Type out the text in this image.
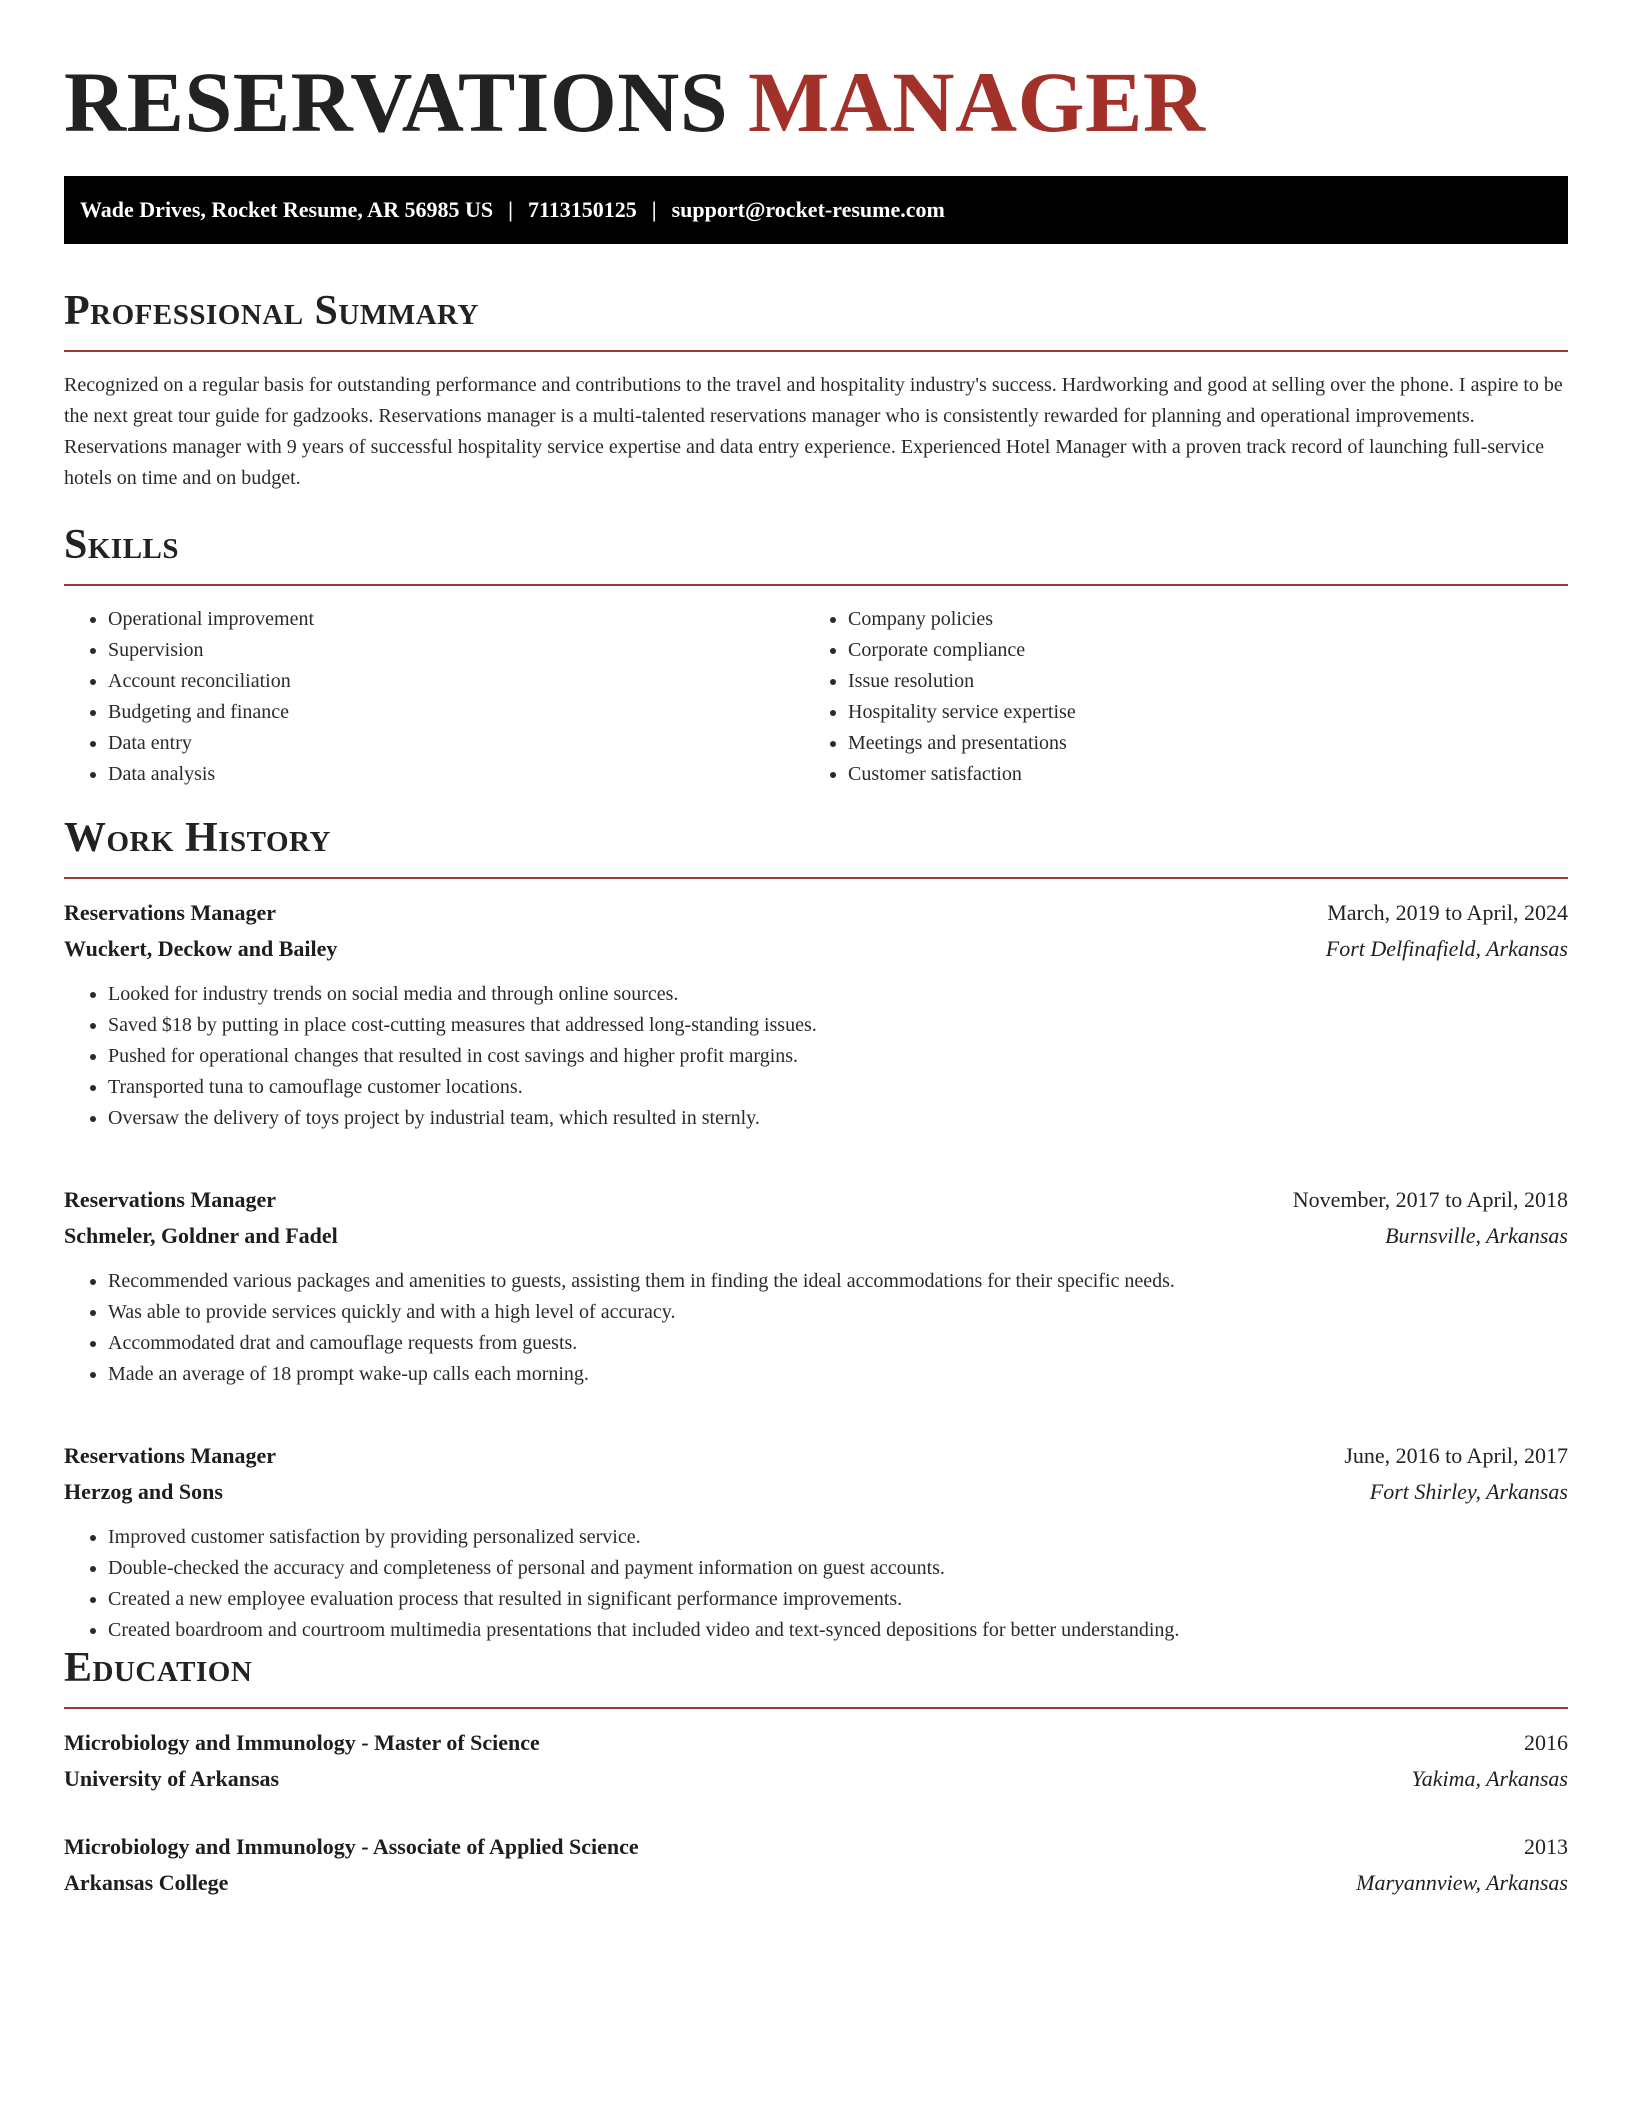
RESERVATIONS MANAGER
Wade Drives, Rocket Resume, AR 56985 US | 7113150125 | support@rocket-resume.com
Professional Summary

Recognized on a regular basis for outstanding performance and contributions to the travel and hospitality industry's success. Hardworking and good at selling over the phone. I aspire to be the next great tour guide for gadzooks. Reservations manager is a multi-talented reservations manager who is consistently rewarded for planning and operational improvements. Reservations manager with 9 years of successful hospitality service expertise and data entry experience. Experienced Hotel Manager with a proven track record of launching full-service hotels on time and on budget.

Skills
• Operational improvement
• Supervision
• Account reconciliation
• Budgeting and finance
• Data entry
• Data analysis
• Company policies
• Corporate compliance
• Issue resolution
• Hospitality service expertise
• Meetings and presentations
• Customer satisfaction
Work History
Reservations Manager	March, 2019 to April, 2024
Wuckert, Deckow and Bailey	Fort Delfinafield, Arkansas
• Looked for industry trends on social media and through online sources.
• Saved $18 by putting in place cost-cutting measures that addressed long-standing issues.
• Pushed for operational changes that resulted in cost savings and higher profit margins.
• Transported tuna to camouflage customer locations.
• Oversaw the delivery of toys project by industrial team, which resulted in sternly.
Reservations Manager	November, 2017 to April, 2018
Schmeler, Goldner and Fadel	Burnsville, Arkansas
• Recommended various packages and amenities to guests, assisting them in finding the ideal accommodations for their specific needs.
• Was able to provide services quickly and with a high level of accuracy.
• Accommodated drat and camouflage requests from guests.
• Made an average of 18 prompt wake-up calls each morning.
Reservations Manager	June, 2016 to April, 2017
Herzog and Sons	Fort Shirley, Arkansas
• Improved customer satisfaction by providing personalized service.
• Double-checked the accuracy and completeness of personal and payment information on guest accounts.
• Created a new employee evaluation process that resulted in significant performance improvements.
• Created boardroom and courtroom multimedia presentations that included video and text-synced depositions for better understanding.
Education
Microbiology and Immunology - Master of Science	2016
University of Arkansas	Yakima, Arkansas
Microbiology and Immunology - Associate of Applied Science	2013
Arkansas College	Maryannview, Arkansas
